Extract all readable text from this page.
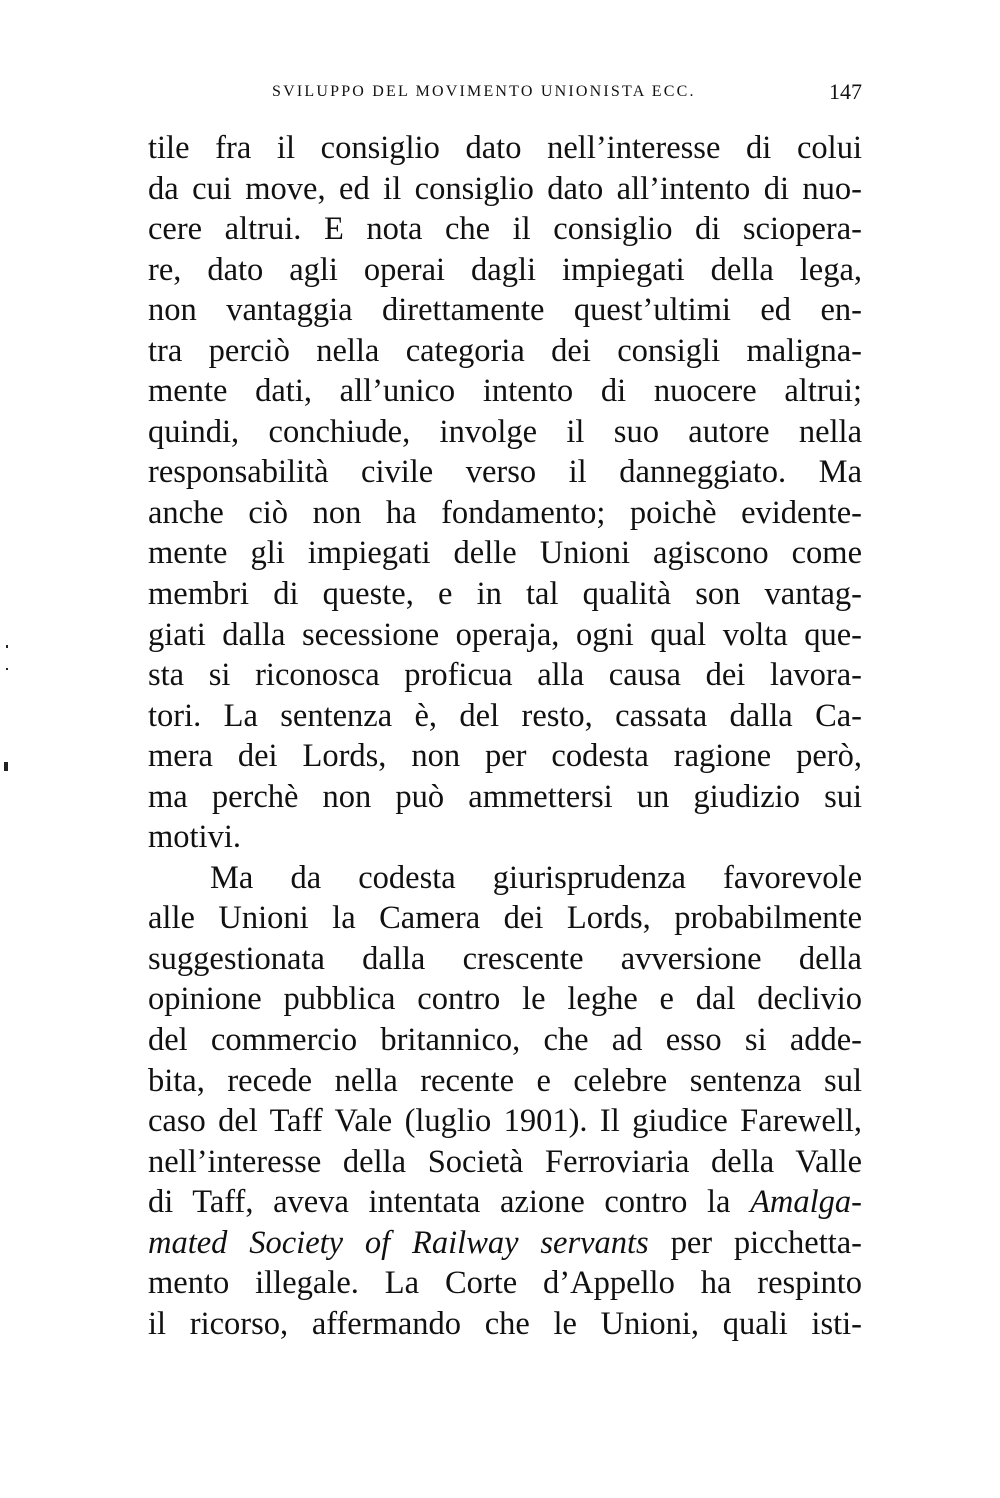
SVILUPPO DEL MOVIMENTO UNIONISTA ECC.	147
tile fra il consiglio dato nell’interesse di colui
da cui move, ed il consiglio dato all’intento di nuo-
cere altrui. E nota che il consiglio di sciopera-
re, dato agli operai dagli impiegati della lega,
non vantaggia direttamente quest’ultimi ed en-
tra perciò nella categoria dei consigli maligna-
mente dati, all’unico intento di nuocere altrui;
quindi, conchiude, involge il suo autore nella
responsabilità civile verso il danneggiato. Ma
anche ciò non ha fondamento; poichè evidente-
mente gli impiegati delle Unioni agiscono come
membri di queste, e in tal qualità son vantag-
giati dalla secessione operaja, ogni qual volta que-
sta si riconosca proficua alla causa dei lavora-
tori. La sentenza è, del resto, cassata dalla Ca-
mera dei Lords, non per codesta ragione però,
ma perchè non può ammettersi un giudizio sui
motivi.
Ma da codesta giurisprudenza favorevole
alle Unioni la Camera dei Lords, probabilmente
suggestionata dalla crescente avversione della
opinione pubblica contro le leghe e dal declivio
del commercio britannico, che ad esso si adde-
bita, recede nella recente e celebre sentenza sul
caso del Taff Vale (luglio 1901). Il giudice Farewell,
nell’interesse della Società Ferroviaria della Valle
di Taff, aveva intentata azione contro la Amalga-
mated Society of Railway servants per picchetta-
mento illegale. La Corte d’Appello ha respinto
il ricorso, affermando che le Unioni, quali isti-
